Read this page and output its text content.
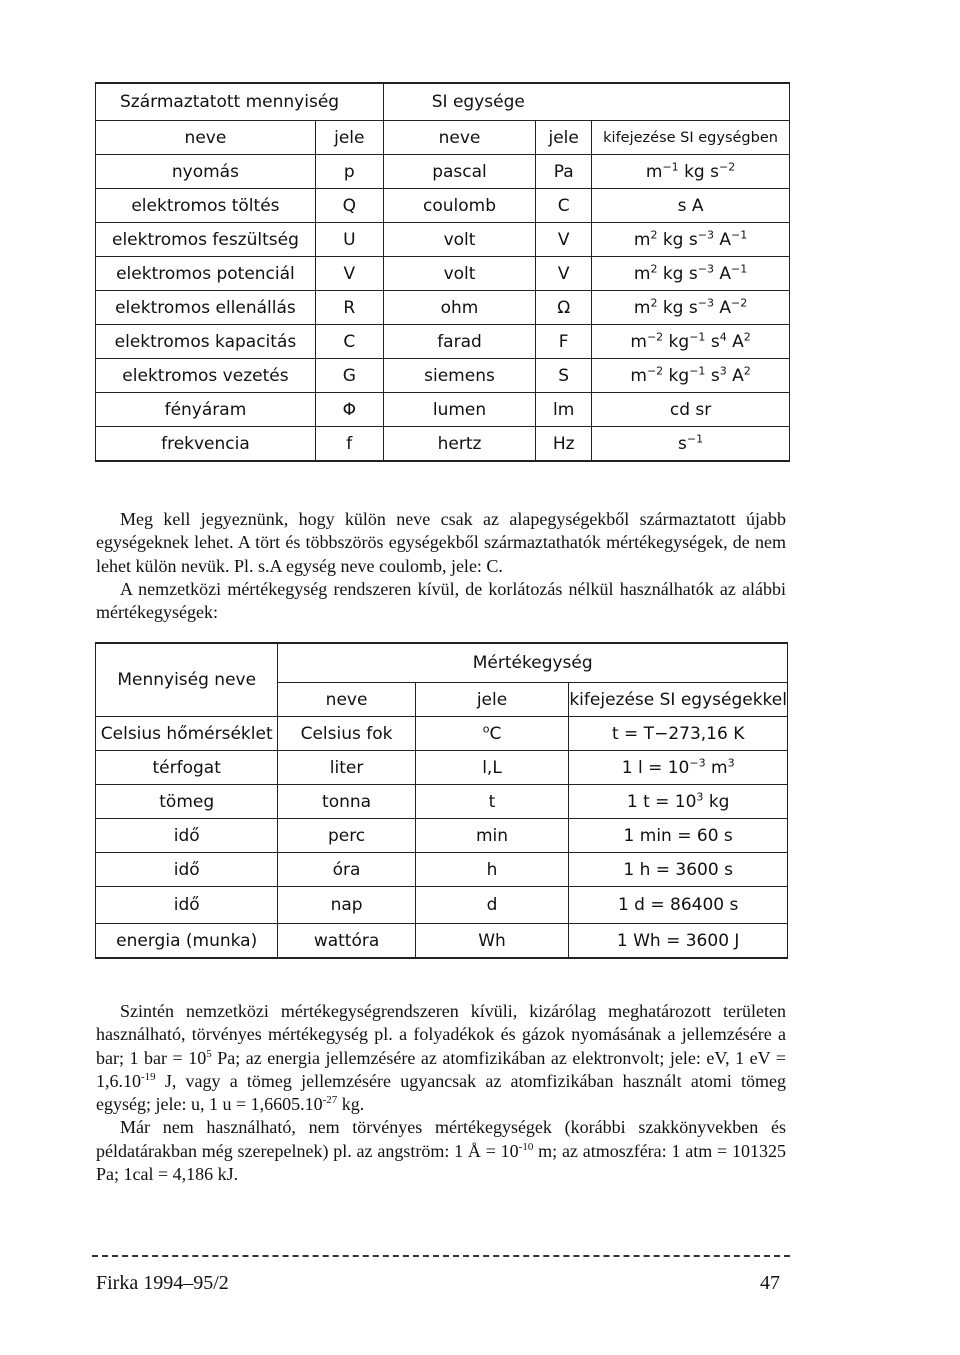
Származtatott mennyiség		SI egysége		
neve	jele	neve	jele	kifejezése SI egységben
nyomás	p	pascal	Pa	$m^{-1}$ kg $s^{-2}$
elektromos töltés	Q	coulomb	C	s A
elektromos feszültség	U	volt	V	$m^2$ kg $s^{-3}$ $A^{-1}$
elektromos potenciál	V	volt	V	$m^2$ kg $s^{-3}$ $A^{-1}$
elektromos ellenállás	R	ohm	Ω	$m^2$ kg $s^{-3}$ $A^{-2}$
elektromos kapacitás	C	farad	F	$m^{-2}$ $kg^{-1}$ $s^4$ $A^2$
elektromos vezetés	G	siemens	S	$m^{-2}$ $kg^{-1}$ $s^3$ $A^2$
fényáram	Φ	lumen	lm	cd sr
frekvencia	f	hertz	Hz	$s^{-1}$

Meg kell jegyeznünk, hogy külön neve csak az alapegységekből származtatott újabb egységeknek lehet. A tört és többszörös egységekből származtathatók mértékegységek, de nem lehet külön nevük. Pl. s.A egység neve coulomb, jele: C.

A nemzetközi mértékegység rendszeren kívül, de korlátozás nélkül használhatók az alábbi mértékegységek:

Mennyiség neve	Mértékegység		
	neve	jele	kifejezése SI egységekkel
Celsius hőmérséklet	Celsius fok	$^o$C	t = T−273,16 K
térfogat	liter	l,L	1 $l = 10^{-3}$ $m^3$
tömeg	tonna	t	1 $t = 10^3$ kg
idő	perc	min	1 min = 60 s
idő	óra	h	1 h = 3600 s
idő	nap	d	1 d = 86400 s
energia (munka)	wattóra	Wh	1 Wh = 3600 J

Szintén nemzetközi mértékegységrendszeren kívüli, kizárólag meghatározott területen használható, törvényes mértékegység pl. a folyadékok és gázok nyomásának a jellemzésére a bar; 1 bar = $10^5$ Pa; az energia jellemzésére az atomfizikában az elektronvolt; jele: eV, 1 eV = $1,6.10^{-19}$ J, vagy a tömeg jellemzésére ugyancsak az atomfizikában használt atomi tömeg egység; jele: u, 1 $u = 1,6605.10^{-27}$ kg.

Már nem használható, nem törvényes mértékegységek (korábbi szakkönyvekben és példatárakban még szerepelnek) pl. az angström: 1 Å = $10^{-10}$ m; az atmoszféra: 1 atm = 101325 Pa; 1cal = 4,186 kJ.

Firka 1994–95/2	47
